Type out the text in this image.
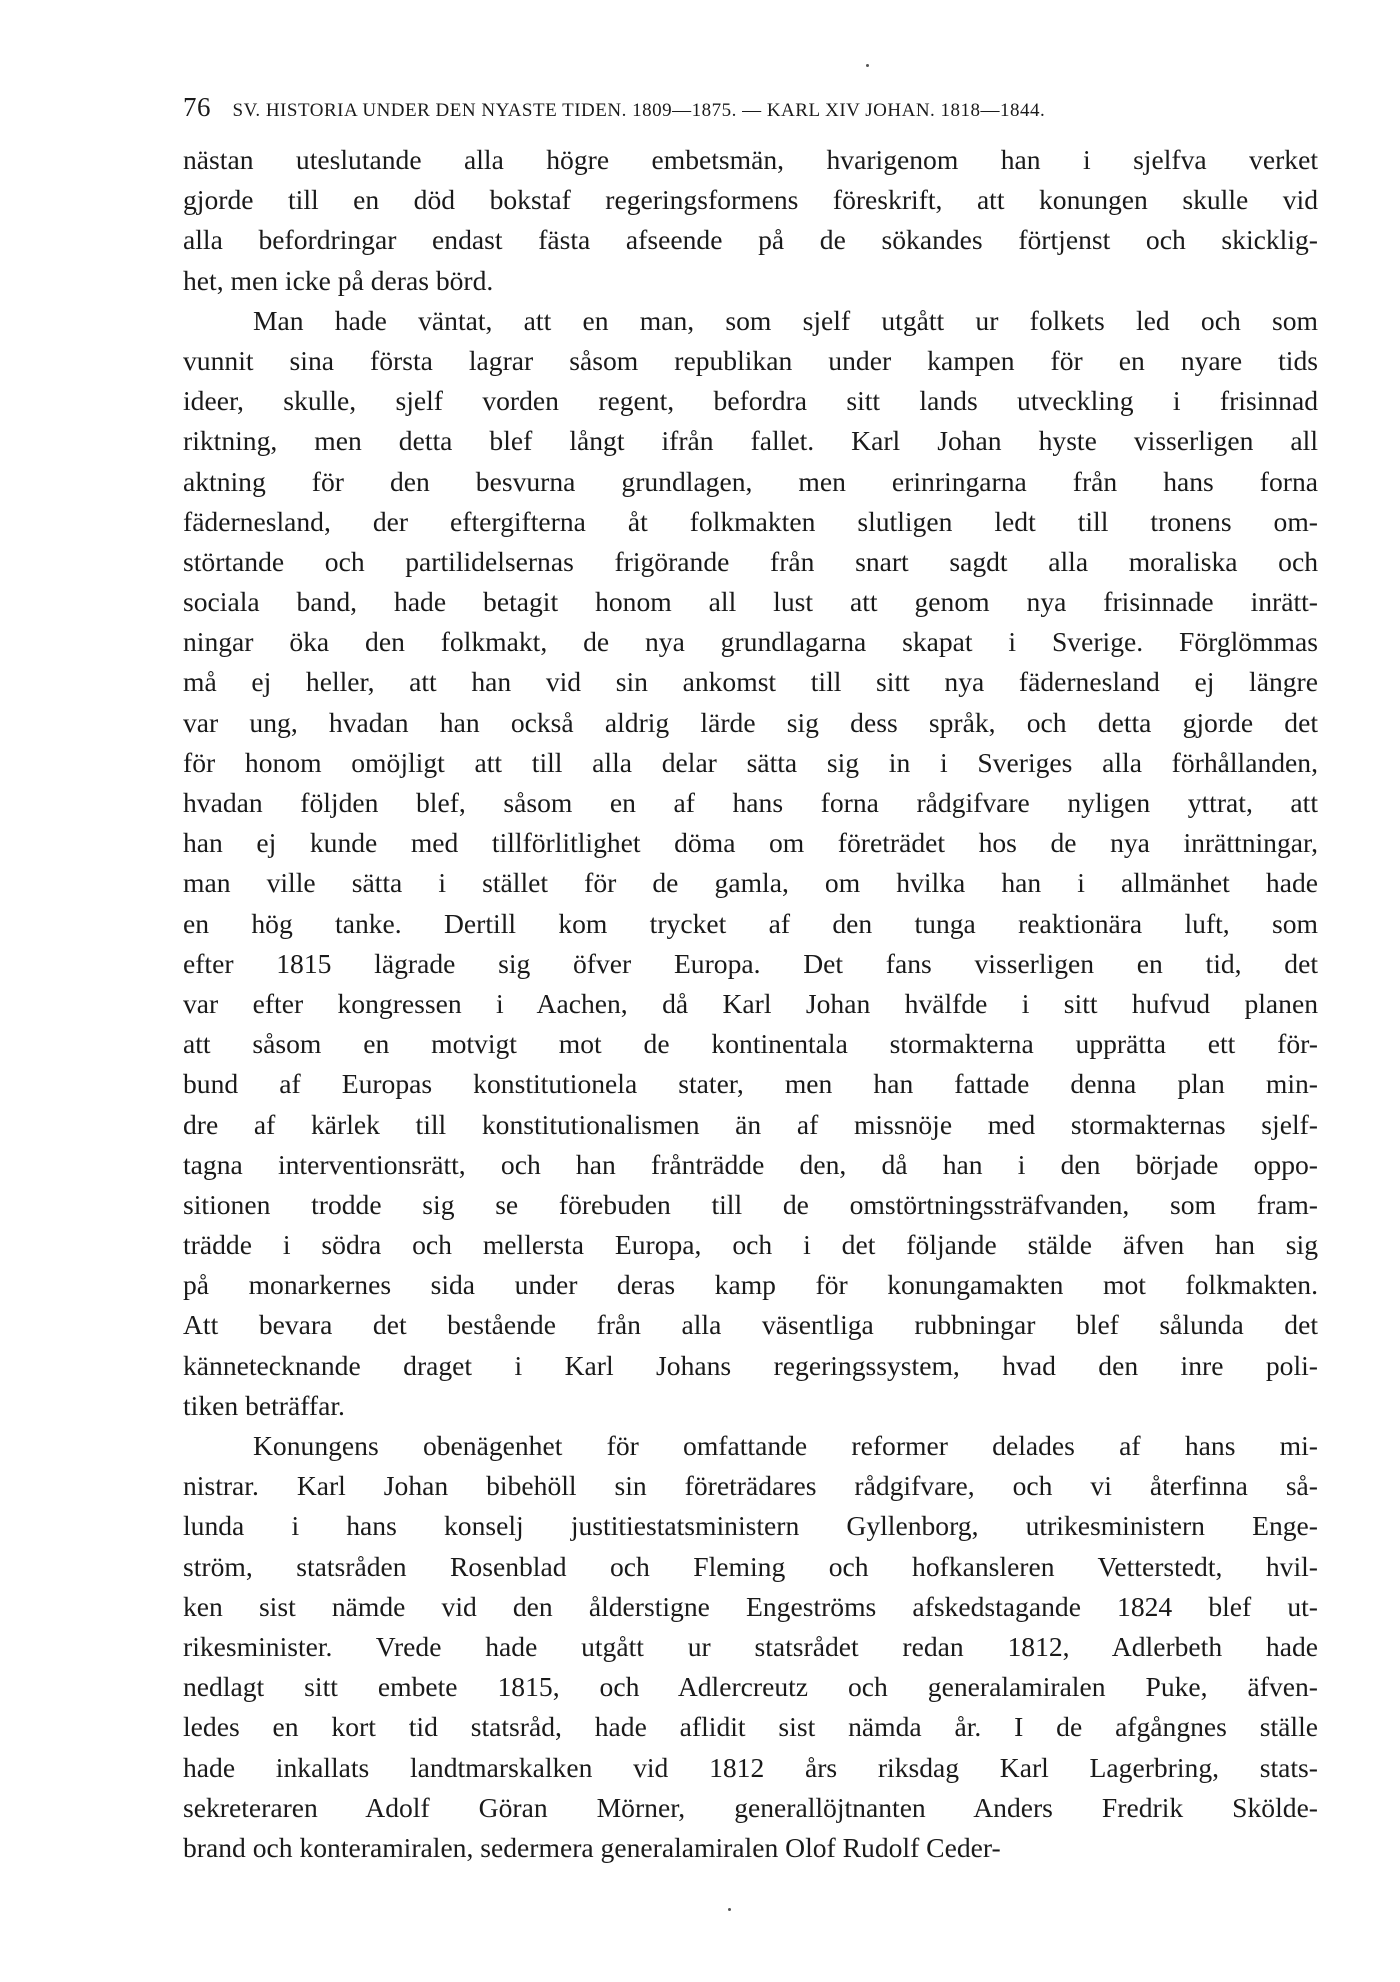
76 SV. HISTORIA UNDER DEN NYASTE TIDEN. 1809—1875. — KARL XIV JOHAN. 1818—1844.
nästan uteslutande alla högre embetsmän, hvarigenom han i sjelfva verket
gjorde till en död bokstaf regeringsformens föreskrift, att konungen skulle vid
alla befordringar endast fästa afseende på de sökandes förtjenst och skicklig-
het, men icke på deras börd.
Man hade väntat, att en man, som sjelf utgått ur folkets led och som
vunnit sina första lagrar såsom republikan under kampen för en nyare tids
ideer, skulle, sjelf vorden regent, befordra sitt lands utveckling i frisinnad
riktning, men detta blef långt ifrån fallet. Karl Johan hyste visserligen all
aktning för den besvurna grundlagen, men erinringarna från hans forna
fädernesland, der eftergifterna åt folkmakten slutligen ledt till tronens om-
störtande och partilidelsernas frigörande från snart sagdt alla moraliska och
sociala band, hade betagit honom all lust att genom nya frisinnade inrätt-
ningar öka den folkmakt, de nya grundlagarna skapat i Sverige. Förglömmas
må ej heller, att han vid sin ankomst till sitt nya fädernesland ej längre
var ung, hvadan han också aldrig lärde sig dess språk, och detta gjorde det
för honom omöjligt att till alla delar sätta sig in i Sveriges alla förhållanden,
hvadan följden blef, såsom en af hans forna rådgifvare nyligen yttrat, att
han ej kunde med tillförlitlighet döma om företrädet hos de nya inrättningar,
man ville sätta i stället för de gamla, om hvilka han i allmänhet hade
en hög tanke. Dertill kom trycket af den tunga reaktionära luft, som
efter 1815 lägrade sig öfver Europa. Det fans visserligen en tid, det
var efter kongressen i Aachen, då Karl Johan hvälfde i sitt hufvud planen
att såsom en motvigt mot de kontinentala stormakterna upprätta ett för-
bund af Europas konstitutionela stater, men han fattade denna plan min-
dre af kärlek till konstitutionalismen än af missnöje med stormakternas sjelf-
tagna interventionsrätt, och han frånträdde den, då han i den började oppo-
sitionen trodde sig se förebuden till de omstörtningssträfvanden, som fram-
trädde i södra och mellersta Europa, och i det följande stälde äfven han sig
på monarkernes sida under deras kamp för konungamakten mot folkmakten.
Att bevara det bestående från alla väsentliga rubbningar blef sålunda det
kännetecknande draget i Karl Johans regeringssystem, hvad den inre poli-
tiken beträffar.
Konungens obenägenhet för omfattande reformer delades af hans mi-
nistrar. Karl Johan bibehöll sin företrädares rådgifvare, och vi återfinna så-
lunda i hans konselj justitiestatsministern Gyllenborg, utrikesministern Enge-
ström, statsråden Rosenblad och Fleming och hofkansleren Vetterstedt, hvil-
ken sist nämde vid den ålderstigne Engeströms afskedstagande 1824 blef ut-
rikesminister. Vrede hade utgått ur statsrådet redan 1812, Adlerbeth hade
nedlagt sitt embete 1815, och Adlercreutz och generalamiralen Puke, äfven-
ledes en kort tid statsråd, hade aflidit sist nämda år. I de afgångnes ställe
hade inkallats landtmarskalken vid 1812 års riksdag Karl Lagerbring, stats-
sekreteraren Adolf Göran Mörner, generallöjtnanten Anders Fredrik Skölde-
brand och konteramiralen, sedermera generalamiralen Olof Rudolf Ceder-
